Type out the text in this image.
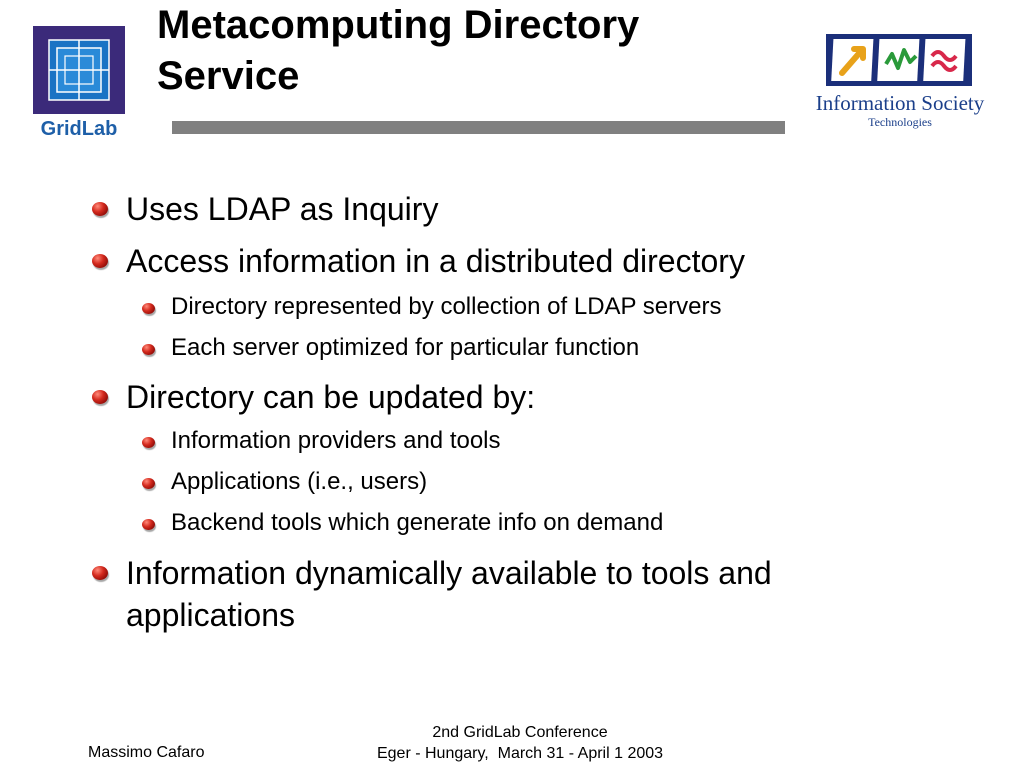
GridLab
Metacomputing Directory
Service
Information Society
Technologies
Uses LDAP as Inquiry
Access information in a distributed directory
Directory represented by collection of LDAP servers
Each server optimized for particular function
Directory can be updated by:
Information providers and tools
Applications (i.e., users)
Backend tools which generate info on demand
Information dynamically available to tools and
applications
Massimo Cafaro
2nd GridLab Conference
Eger - Hungary,  March 31 - April 1 2003
